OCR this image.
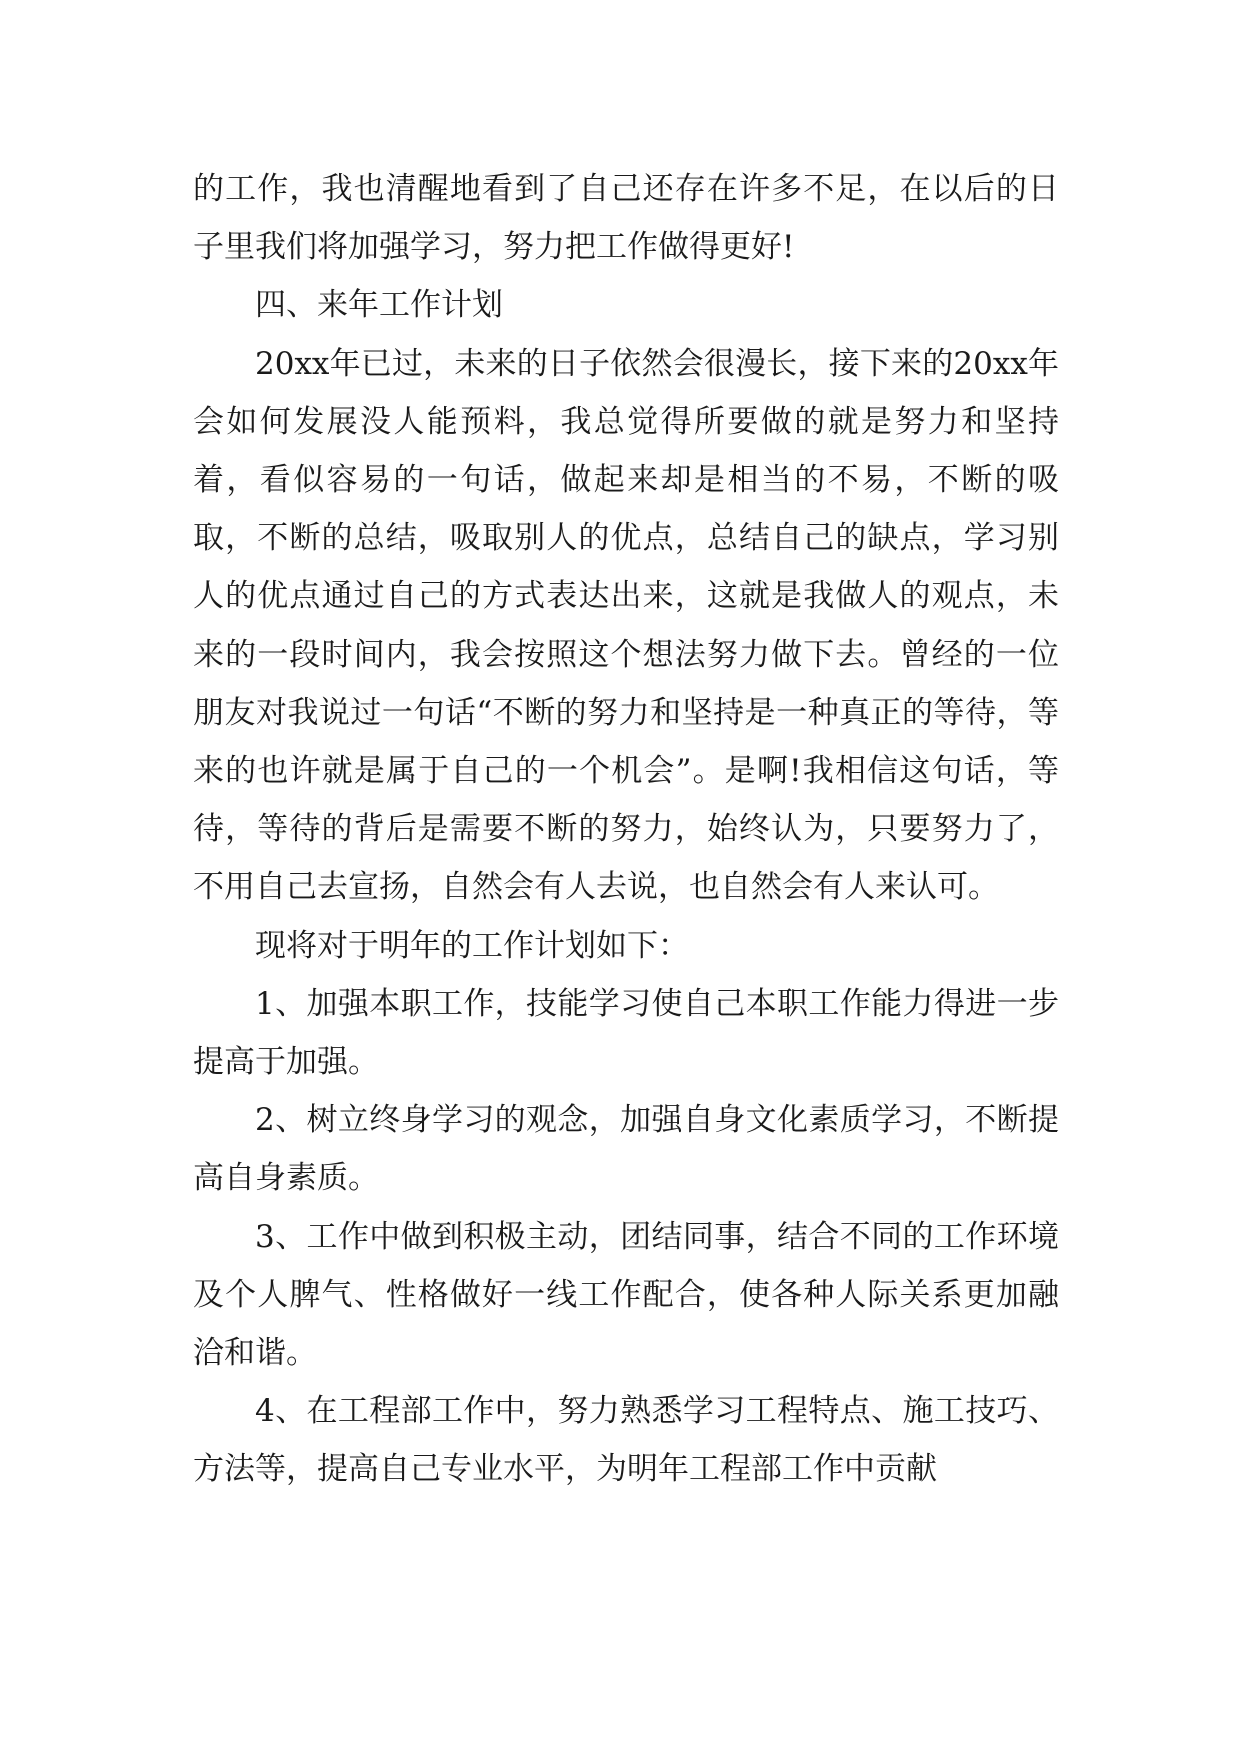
的工作，我也清醒地看到了自己还存在许多不足，在以后的日子里我们将加强学习，努力把工作做得更好!

四、来年工作计划

20xx年已过，未来的日子依然会很漫长，接下来的20xx年会如何发展没人能预料，我总觉得所要做的就是努力和坚持着，看似容易的一句话，做起来却是相当的不易，不断的吸取，不断的总结，吸取别人的优点，总结自己的缺点，学习别人的优点通过自己的方式表达出来，这就是我做人的观点，未来的一段时间内，我会按照这个想法努力做下去。曾经的一位朋友对我说过一句话“不断的努力和坚持是一种真正的等待，等来的也许就是属于自己的一个机会”。是啊!我相信这句话，等待，等待的背后是需要不断的努力，始终认为，只要努力了，不用自己去宣扬，自然会有人去说，也自然会有人来认可。

现将对于明年的工作计划如下：

1、加强本职工作，技能学习使自己本职工作能力得进一步提高于加强。

2、树立终身学习的观念，加强自身文化素质学习，不断提高自身素质。

3、工作中做到积极主动，团结同事，结合不同的工作环境及个人脾气、性格做好一线工作配合，使各种人际关系更加融洽和谐。

4、在工程部工作中，努力熟悉学习工程特点、施工技巧、方法等，提高自己专业水平，为明年工程部工作中贡献
